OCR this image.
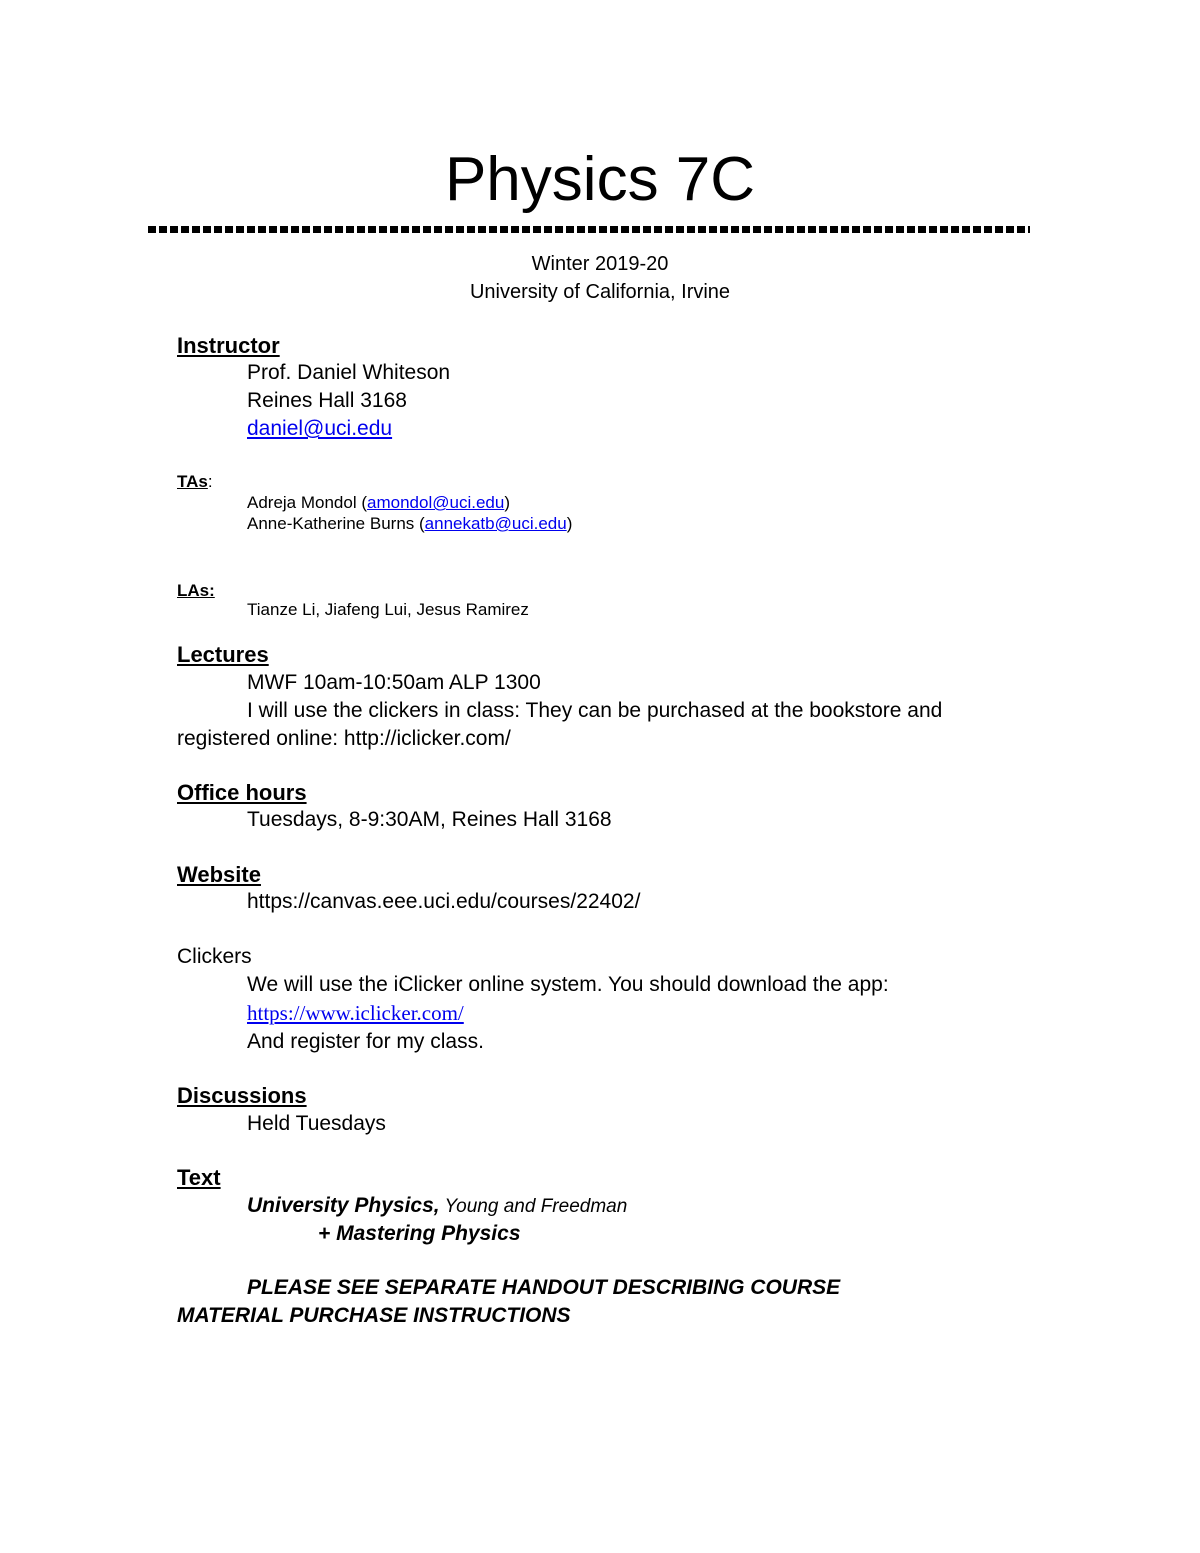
Physics 7C
Winter 2019-20
University of California, Irvine
Instructor
Prof. Daniel Whiteson
Reines Hall 3168
daniel@uci.edu
TAs:
Adreja Mondol (amondol@uci.edu)
Anne-Katherine Burns (annekatb@uci.edu)
LAs:
Tianze Li, Jiafeng Lui, Jesus Ramirez
Lectures
MWF 10am-10:50am ALP 1300
I will use the clickers in class: They can be purchased at the bookstore and
registered online: http://iclicker.com/
Office hours
Tuesdays, 8-9:30AM, Reines Hall 3168
Website
https://canvas.eee.uci.edu/courses/22402/
Clickers
We will use the iClicker online system. You should download the app:
https://www.iclicker.com/
And register for my class.
Discussions
Held Tuesdays
Text
University Physics, Young and Freedman
+ Mastering Physics
PLEASE SEE SEPARATE HANDOUT DESCRIBING COURSE
MATERIAL PURCHASE INSTRUCTIONS
